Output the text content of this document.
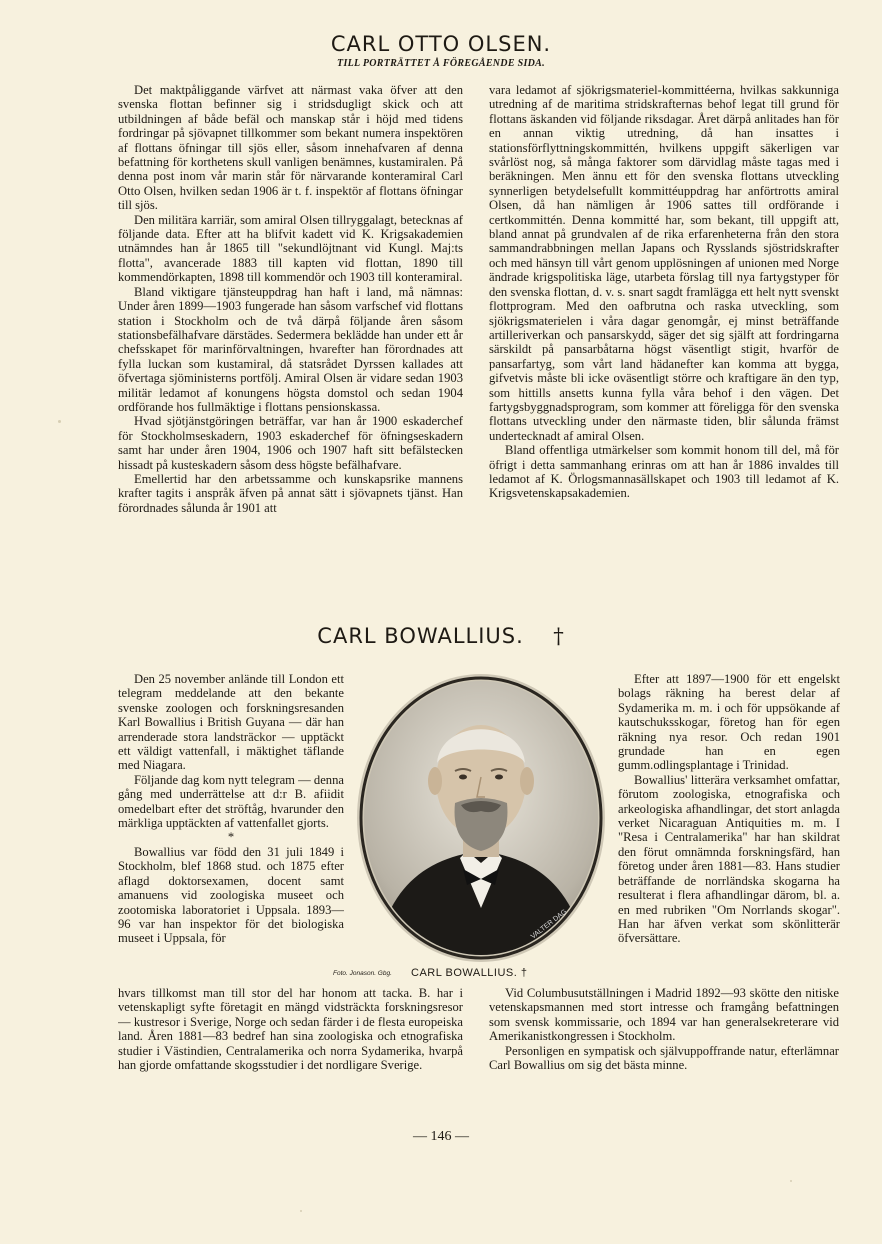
CARL OTTO OLSEN.
TILL PORTRÄTTET Å FÖREGÅENDE SIDA.

Det maktpåliggande värfvet att närmast vaka öfver att den svenska flottan befinner sig i stridsdugligt skick och att utbildningen af både befäl och manskap står i höjd med tidens fordringar på sjövapnet tillkommer som bekant numera inspektören af flottans öfningar till sjös eller, såsom innehafvaren af denna befattning för korthetens skull vanligen benämnes, kustamiralen. På denna post inom vår marin står för närvarande konteramiral Carl Otto Olsen, hvilken sedan 1906 är t. f. inspektör af flottans öfningar till sjös.

Den militära karriär, som amiral Olsen tillryggalagt, betecknas af följande data. Efter att ha blifvit kadett vid K. Krigsakademien utnämndes han år 1865 till "sekundlöjtnant vid Kungl. Maj:ts flotta", avancerade 1883 till kapten vid flottan, 1890 till kommendörkapten, 1898 till kommendör och 1903 till konteramiral.

Bland viktigare tjänsteuppdrag han haft i land, må nämnas: Under åren 1899—1903 fungerade han såsom varfschef vid flottans station i Stockholm och de två därpå följande åren såsom stationsbefälhafvare därstädes. Sedermera beklädde han under ett år chefsskapet för marinförvaltningen, hvarefter han förordnades att fylla luckan som kustamiral, då statsrådet Dyrssen kallades att öfvertaga sjöministerns portfölj. Amiral Olsen är vidare sedan 1903 militär ledamot af konungens högsta domstol och sedan 1904 ordförande hos fullmäktige i flottans pensionskassa.

Hvad sjötjänstgöringen beträffar, var han år 1900 eskaderchef för Stockholmseskadern, 1903 eskaderchef för öfningseskadern samt har under åren 1904, 1906 och 1907 haft sitt befälstecken hissadt på kusteskadern såsom dess högste befälhafvare.

Emellertid har den arbetssamme och kunskapsrike mannens krafter tagits i anspråk äfven på annat sätt i sjövapnets tjänst. Han förordnades sålunda år 1901 att

vara ledamot af sjökrigsmateriel-kommittéerna, hvilkas sakkunniga utredning af de maritima stridskrafternas behof legat till grund för flottans äskanden vid följande riksdagar. Året därpå anlitades han för en annan viktig utredning, då han insattes i stationsförflyttningskommittén, hvilkens uppgift säkerligen var svårlöst nog, så många faktorer som därvidlag måste tagas med i beräkningen. Men ännu ett för den svenska flottans utveckling synnerligen betydelsefullt kommittéuppdrag har anförtrotts amiral Olsen, då han nämligen år 1906 sattes till ordförande i certkommittén. Denna kommitté har, som bekant, till uppgift att, bland annat på grundvalen af de rika erfarenheterna från den stora sammandrabbningen mellan Japans och Rysslands sjöstridskrafter och med hänsyn till vårt genom upplösningen af unionen med Norge ändrade krigspolitiska läge, utarbeta förslag till nya fartygstyper för den svenska flottan, d. v. s. snart sagdt framlägga ett helt nytt svenskt flottprogram. Med den oafbrutna och raska utveckling, som sjökrigsmaterielen i våra dagar genomgår, ej minst beträffande artilleriverkan och pansarskydd, säger det sig själft att fordringarna särskildt på pansarbåtarna högst väsentligt stigit, hvarför de pansarfartyg, som vårt land hädanefter kan komma att bygga, gifvetvis måste bli icke oväsentligt större och kraftigare än den typ, som hittills ansetts kunna fylla våra behof i den vägen. Det fartygsbyggnadsprogram, som kommer att föreligga för den svenska flottans utveckling under den närmaste tiden, blir sålunda främst undertecknadt af amiral Olsen.

Bland offentliga utmärkelser som kommit honom till del, må för öfrigt i detta sammanhang erinras om att han år 1886 invaldes till ledamot af K. Örlogsmannasällskapet och 1903 till ledamot af K. Krigsvetenskapsakademien.

CARL BOWALLIUS. †

Den 25 november anlände till London ett telegram meddelande att den bekante svenske zoologen och forskningsresanden Karl Bowallius i British Guyana — där han arrenderade stora landsträckor — upptäckt ett väldigt vattenfall, i mäktighet täflande med Niagara.

Följande dag kom nytt telegram — denna gång med underrättelse att d:r B. afiidit omedelbart efter det ströftåg, hvarunder den märkliga upptäckten af vattenfallet gjorts.

*

Bowallius var född den 31 juli 1849 i Stockholm, blef 1868 stud. och 1875 efter aflagd doktorsexamen, docent samt amanuens vid zoologiska museet och zootomiska laboratoriet i Uppsala. 1893—96 var han inspektor för det biologiska museet i Uppsala, för	VALTER DAG
Foto. Jonason. Gbg. CARL BOWALLIUS. †

Efter att 1897—1900 för ett engelskt bolags räkning ha berest delar af Sydamerika m. m. i och för uppsökande af kautschuksskogar, företog han för egen räkning nya resor. Och redan 1901 grundade han en egen gumm.odlingsplantage i Trinidad.

Bowallius' litterära verksamhet omfattar, förutom zoologiska, etnografiska och arkeologiska afhandlingar, det stort anlagda verket Nicaraguan Antiquities m. m. I "Resa i Centralamerika" har han skildrat den förut omnämnda forskningsfärd, han företog under åren 1881—83. Hans studier beträffande de norrländska skogarna ha resulterat i flera afhandlingar därom, bl. a. en med rubriken "Om Norrlands skogar". Han har äfven verkat som skönlitterär öfversättare.

hvars tillkomst man till stor del har honom att tacka. B. har i vetenskapligt syfte företagit en mängd vidsträckta forskningsresor — kustresor i Sverige, Norge och sedan färder i de flesta europeiska land. Åren 1881—83 bedref han sina zoologiska och etnografiska studier i Västindien, Centralamerika och norra Sydamerika, hvarpå han gjorde omfattande skogsstudier i det nordligare Sverige.

Vid Columbusutställningen i Madrid 1892—93 skötte den nitiske vetenskapsmannen med stort intresse och framgång befattningen som svensk kommissarie, och 1894 var han generalsekreterare vid Amerikanistkongressen i Stockholm.

Personligen en sympatisk och självuppoffrande natur, efterlämnar Carl Bowallius om sig det bästa minne.

— 146 —
